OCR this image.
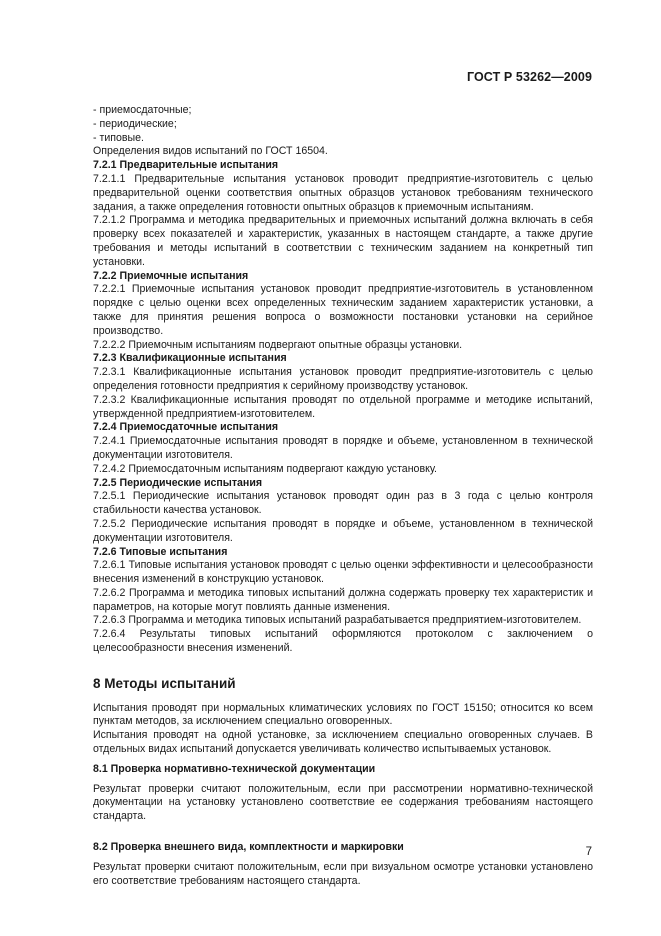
ГОСТ Р 53262—2009

- приемосдаточные;

- периодические;

- типовые.

Определения видов испытаний по ГОСТ 16504.

7.2.1 Предварительные испытания

7.2.1.1 Предварительные испытания установок проводит предприятие-изготовитель с целью предварительной оценки соответствия опытных образцов установок требованиям технического задания, а также определения готовности опытных образцов к приемочным испытаниям.

7.2.1.2 Программа и методика предварительных и приемочных испытаний должна включать в себя проверку всех показателей и характеристик, указанных в настоящем стандарте, а также другие требования и методы испытаний в соответствии с техническим заданием на конкретный тип установки.

7.2.2 Приемочные испытания

7.2.2.1 Приемочные испытания установок проводит предприятие-изготовитель в установленном порядке с целью оценки всех определенных техническим заданием характеристик установки, а также для принятия решения вопроса о возможности постановки установки на серийное производство.

7.2.2.2 Приемочным испытаниям подвергают опытные образцы установки.

7.2.3 Квалификационные испытания

7.2.3.1 Квалификационные испытания установок проводит предприятие-изготовитель с целью определения готовности предприятия к серийному производству установок.

7.2.3.2 Квалификационные испытания проводят по отдельной программе и методике испытаний, утвержденной предприятием-изготовителем.

7.2.4 Приемосдаточные испытания

7.2.4.1 Приемосдаточные испытания проводят в порядке и объеме, установленном в технической документации изготовителя.

7.2.4.2 Приемосдаточным испытаниям подвергают каждую установку.

7.2.5 Периодические испытания

7.2.5.1 Периодические испытания установок проводят один раз в 3 года с целью контроля стабильности качества установок.

7.2.5.2 Периодические испытания проводят в порядке и объеме, установленном в технической документации изготовителя.

7.2.6 Типовые испытания

7.2.6.1 Типовые испытания установок проводят с целью оценки эффективности и целесообразности внесения изменений в конструкцию установок.

7.2.6.2 Программа и методика типовых испытаний должна содержать проверку тех характеристик и параметров, на которые могут повлиять данные изменения.

7.2.6.3 Программа и методика типовых испытаний разрабатывается предприятием-изготовителем.

7.2.6.4 Результаты типовых испытаний оформляются протоколом с заключением о целесообразности внесения изменений.

8 Методы испытаний

Испытания проводят при нормальных климатических условиях по ГОСТ 15150; относится ко всем пунктам методов, за исключением специально оговоренных.

Испытания проводят на одной установке, за исключением специально оговоренных случаев. В отдельных видах испытаний допускается увеличивать количество испытываемых установок.

8.1 Проверка нормативно-технической документации

Результат проверки считают положительным, если при рассмотрении нормативно-технической документации на установку установлено соответствие ее содержания требованиям настоящего стандарта.

8.2 Проверка внешнего вида, комплектности и маркировки

Результат проверки считают положительным, если при визуальном осмотре установки установлено его соответствие требованиям настоящего стандарта.

7
